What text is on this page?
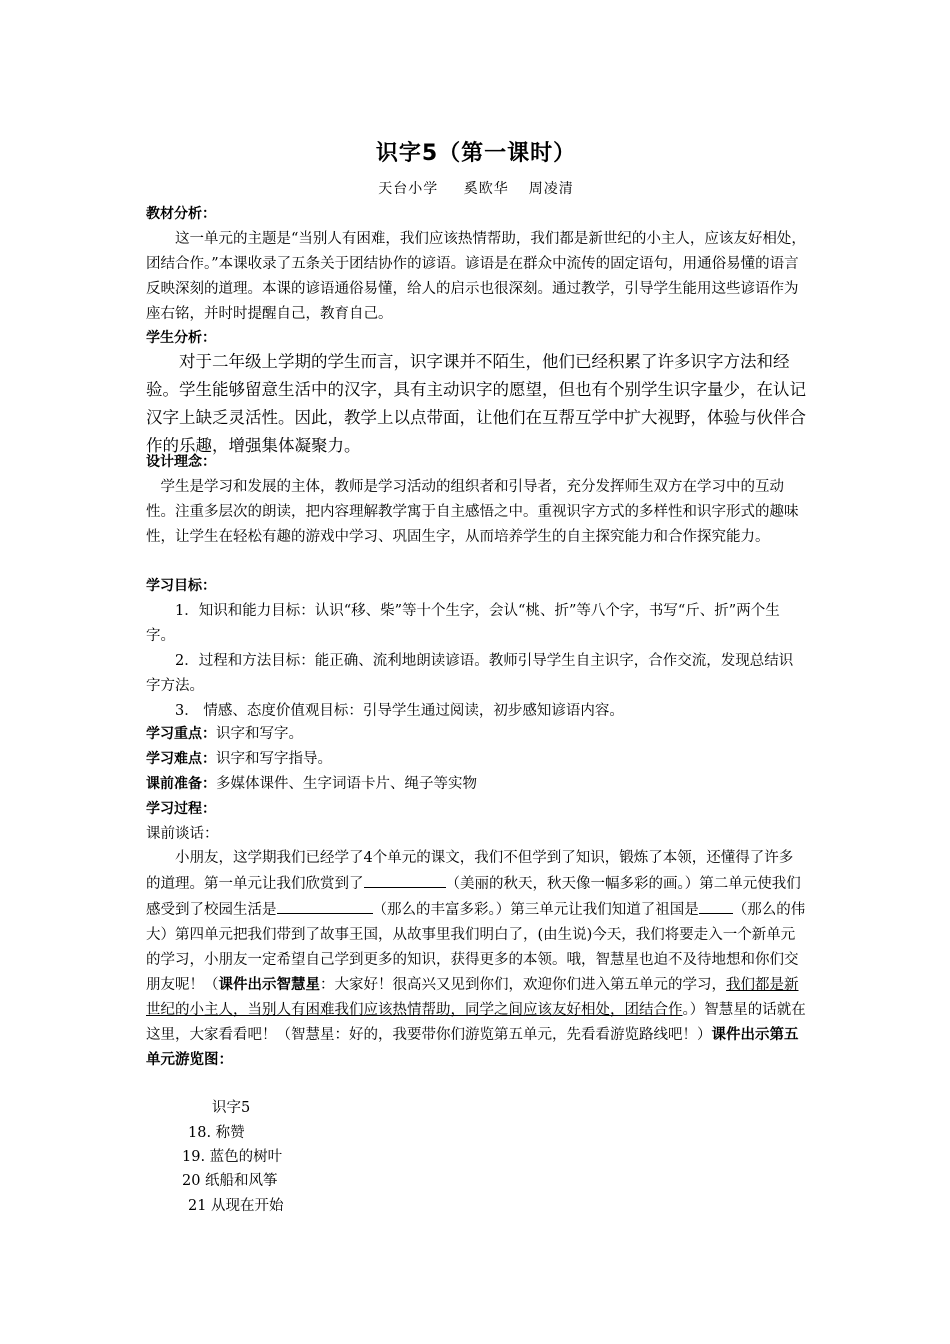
识字5（第一课时）
天台小学 奚欧华 周凌清
教材分析：
这一单元的主题是“当别人有困难，我们应该热情帮助，我们都是新世纪的小主人，应该友好相处，团结合作。”本课收录了五条关于团结协作的谚语。谚语是在群众中流传的固定语句，用通俗易懂的语言反映深刻的道理。本课的谚语通俗易懂，给人的启示也很深刻。通过教学，引导学生能用这些谚语作为座右铭，并时时提醒自己，教育自己。
学生分析：
对于二年级上学期的学生而言，识字课并不陌生，他们已经积累了许多识字方法和经验。学生能够留意生活中的汉字，具有主动识字的愿望，但也有个别学生识字量少，在认记汉字上缺乏灵活性。因此，教学上以点带面，让他们在互帮互学中扩大视野，体验与伙伴合作的乐趣，增强集体凝聚力。
设计理念：
学生是学习和发展的主体，教师是学习活动的组织者和引导者，充分发挥师生双方在学习中的互动性。注重多层次的朗读，把内容理解教学寓于自主感悟之中。重视识字方式的多样性和识字形式的趣味性，让学生在轻松有趣的游戏中学习、巩固生字，从而培养学生的自主探究能力和合作探究能力。
学习目标：
1．知识和能力目标：认识“移、柴”等十个生字，会认“桃、折”等八个字，书写“斤、折”两个生字。
2．过程和方法目标：能正确、流利地朗读谚语。教师引导学生自主识字，合作交流，发现总结识字方法。
3． 情感、态度价值观目标：引导学生通过阅读，初步感知谚语内容。
学习重点：识字和写字。
学习难点：识字和写字指导。
课前准备：多媒体课件、生字词语卡片、绳子等实物
学习过程：
课前谈话：
小朋友，这学期我们已经学了4个单元的课文，我们不但学到了知识，锻炼了本领，还懂得了许多的道理。第一单元让我们欣赏到了	（美丽的秋天，秋天像一幅多彩的画。）第二单元使我们感受到了校园生活是	（那么的丰富多彩。）第三单元让我们知道了祖国是 （那么的伟大）第四单元把我们带到了故事王国，从故事里我们明白了，(由生说)今天，我们将要走入一个新单元的学习，小朋友一定希望自己学到更多的知识，获得更多的本领。哦，智慧星也迫不及待地想和你们交朋友呢！（课件出示智慧星：大家好！很高兴又见到你们，欢迎你们进入第五单元的学习，我们都是新世纪的小主人，当别人有困难我们应该热情帮助，同学之间应该友好相处，团结合作。）智慧星的话就在这里，大家看看吧！（智慧星：好的，我要带你们游览第五单元，先看看游览路线吧！）课件出示第五单元游览图：
识字5
18. 称赞
19. 蓝色的树叶
20 纸船和风筝
21 从现在开始
